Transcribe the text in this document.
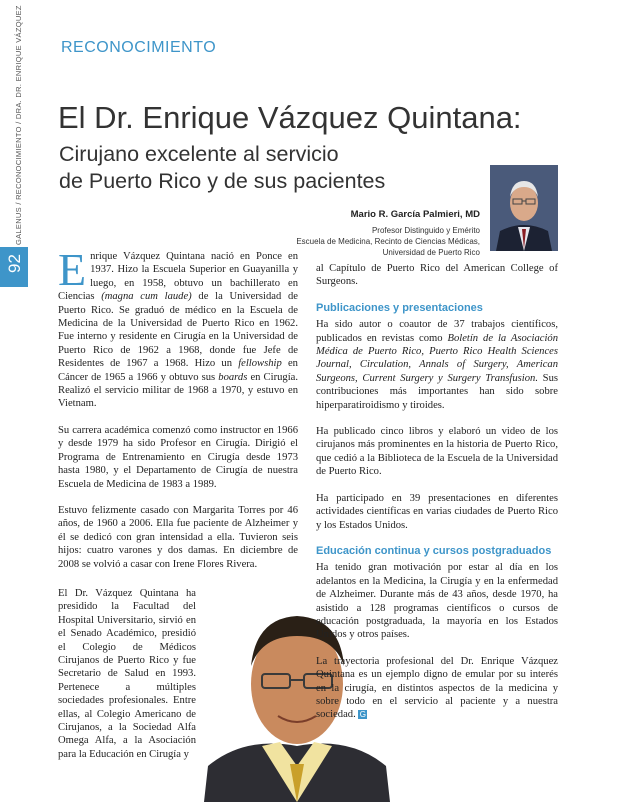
GALENUS / RECONOCIMIENTO / DRA. DR. ENRIQUE VÁZQUEZ
92
RECONOCIMIENTO
El Dr. Enrique Vázquez Quintana:
Cirujano excelente al servicio
de Puerto Rico y de sus pacientes
Mario R. García Palmieri, MD
Profesor Distinguido y Emérito
Escuela de Medicina, Recinto de Ciencias Médicas,
Universidad de Puerto Rico

Enrique Vázquez Quintana nació en Ponce en 1937. Hizo la Escuela Superior en Guayanilla y luego, en 1958, obtuvo un bachillerato en Ciencias (magna cum laude) de la Universidad de Puerto Rico. Se graduó de médico en la Escuela de Medicina de la Universidad de Puerto Rico en 1962. Fue interno y residente en Cirugía en la Universidad de Puerto Rico de 1962 a 1968, donde fue Jefe de Residentes de 1967 a 1968. Hizo un fellowship en Cáncer de 1965 a 1966 y obtuvo sus boards en Cirugía. Realizó el servicio militar de 1968 a 1970, y estuvo en Vietnam.

Su carrera académica comenzó como instructor en 1966 y desde 1979 ha sido Profesor en Cirugía. Dirigió el Programa de Entrenamiento en Cirugía desde 1973 hasta 1980, y el Departamento de Cirugía de nuestra Escuela de Medicina de 1983 a 1989.

Estuvo felizmente casado con Margarita Torres por 46 años, de 1960 a 2006. Ella fue paciente de Alzheimer y él se dedicó con gran intensidad a ella. Tuvieron seis hijos: cuatro varones y dos damas. En diciembre de 2008 se volvió a casar con Irene Flores Rivera.

El Dr. Vázquez Quintana ha presidido la Facultad del Hospital Universitario, sirvió en el Senado Académico, presidió el Colegio de Médicos Cirujanos de Puerto Rico y fue Secretario de Salud en 1993. Pertenece a múltiples sociedades profesionales. Entre ellas, al Colegio Americano de Cirujanos, a la Sociedad Alfa Omega Alfa, a la Asociación para la Educación en Cirugía y

al Capítulo de Puerto Rico del American College of Surgeons.

Publicaciones y presentaciones

Ha sido autor o coautor de 37 trabajos científicos, publicados en revistas como Boletín de la Asociación Médica de Puerto Rico, Puerto Rico Health Sciences Journal, Circulation, Annals of Surgery, American Surgeons, Current Surgery y Surgery Transfusion. Sus contribuciones más importantes han sido sobre hiperparatiroidismo y tiroides.

Ha publicado cinco libros y elaboró un video de los cirujanos más prominentes en la historia de Puerto Rico, que cedió a la Biblioteca de la Escuela de la Universidad de Puerto Rico.

Ha participado en 39 presentaciones en diferentes actividades científicas en varias ciudades de Puerto Rico y los Estados Unidos.

Educación continua y cursos postgraduados

Ha tenido gran motivación por estar al día en los adelantos en la Medicina, la Cirugía y en la enfermedad de Alzheimer. Durante más de 43 años, desde 1970, ha asistido a 128 programas científicos o cursos de educación postgraduada, la mayoría en los Estados Unidos y otros países.

La trayectoria profesional del Dr. Enrique Vázquez Quintana es un ejemplo digno de emular por su interés en la cirugía, en distintos aspectos de la medicina y sobre todo en el servicio al paciente y a nuestra sociedad. G
